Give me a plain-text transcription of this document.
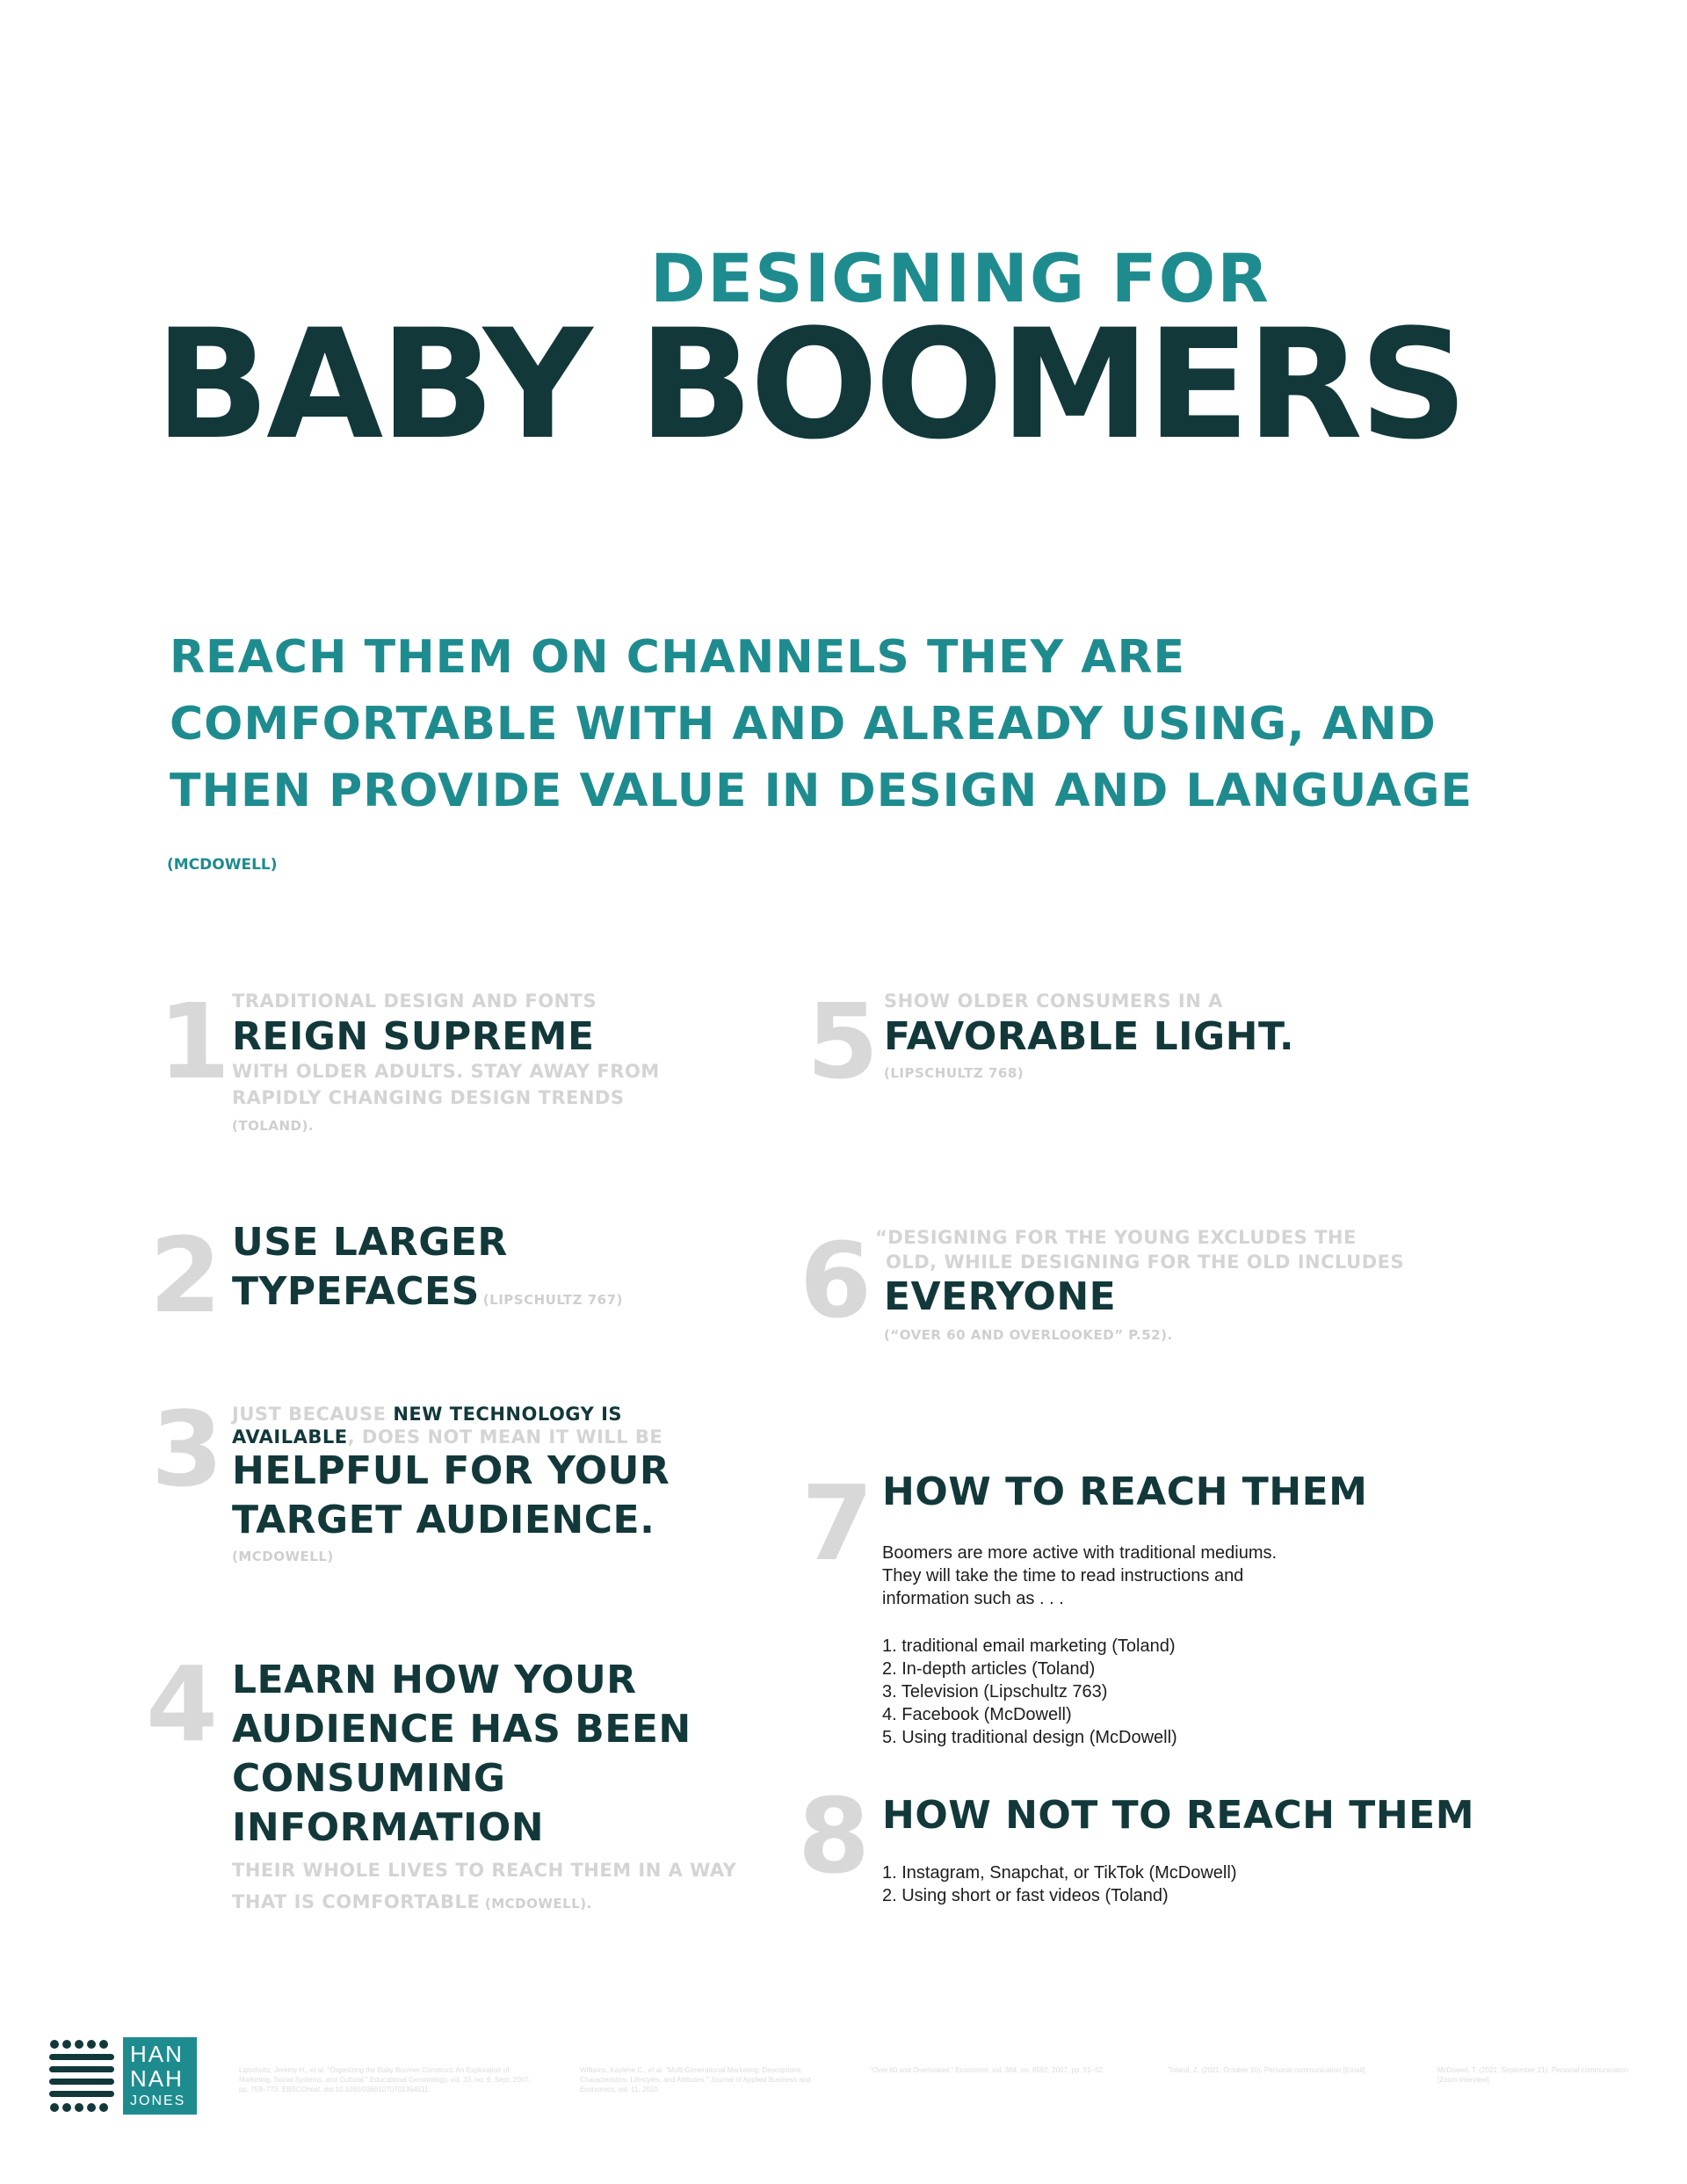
DESIGNING FOR
BABY BOOMERS
REACH THEM ON CHANNELS THEY ARE
COMFORTABLE WITH AND ALREADY USING, AND
THEN PROVIDE VALUE IN DESIGN AND LANGUAGE
(MCDOWELL)
1 TRADITIONAL DESIGN AND FONTS
REIGN SUPREME
WITH OLDER ADULTS. STAY AWAY FROM
RAPIDLY CHANGING DESIGN TRENDS
(TOLAND).
2 USE LARGER
TYPEFACES (LIPSCHULTZ 767)
3 JUST BECAUSE NEW TECHNOLOGY IS
AVAILABLE, DOES NOT MEAN IT WILL BE
HELPFUL FOR YOUR
TARGET AUDIENCE.
(MCDOWELL)
4 LEARN HOW YOUR
AUDIENCE HAS BEEN
CONSUMING
INFORMATION
THEIR WHOLE LIVES TO REACH THEM IN A WAY
THAT IS COMFORTABLE (MCDOWELL).
5 SHOW OLDER CONSUMERS IN A
FAVORABLE LIGHT.
(LIPSCHULTZ 768)
6 “DESIGNING FOR THE YOUNG EXCLUDES THE
OLD, WHILE DESIGNING FOR THE OLD INCLUDES
EVERYONE
(“OVER 60 AND OVERLOOKED” P.52).
7 HOW TO REACH THEM
Boomers are more active with traditional mediums.
They will take the time to read instructions and
information such as . . .
1. traditional email marketing (Toland)
2. In-depth articles (Toland)
3. Television (Lipschultz 763)
4. Facebook (McDowell)
5. Using traditional design (McDowell)
8 HOW NOT TO REACH THEM
1. Instagram, Snapchat, or TikTok (McDowell)
2. Using short or fast videos (Toland)
HAN
NAH
JONES
Lipschultz, Jeremy H., et al. "Organizing the Baby Boomer Construct: An Exploration of Marketing, Social Systems, and Cultural." Educational Gerontology, vol. 33, no. 9, Sept. 2007, pp. 759–773. EBSCOhost, doi:10.1080/03601270701364511.
Williams, Kaylene C., et al. "Multi-Generational Marketing: Descriptions, Characteristics, Lifestyles, and Attitudes." Journal of Applied Business and Economics, vol. 11, 2010.
"Over 60 and Overlooked." Economist, vol. 384, no. 8592, 2007, pp. 51–52.	Toland, Z. (2021, October 10). Personal communication [Email].	McDowell, T. (2021, September 21). Personal communication [Zoom interview].
